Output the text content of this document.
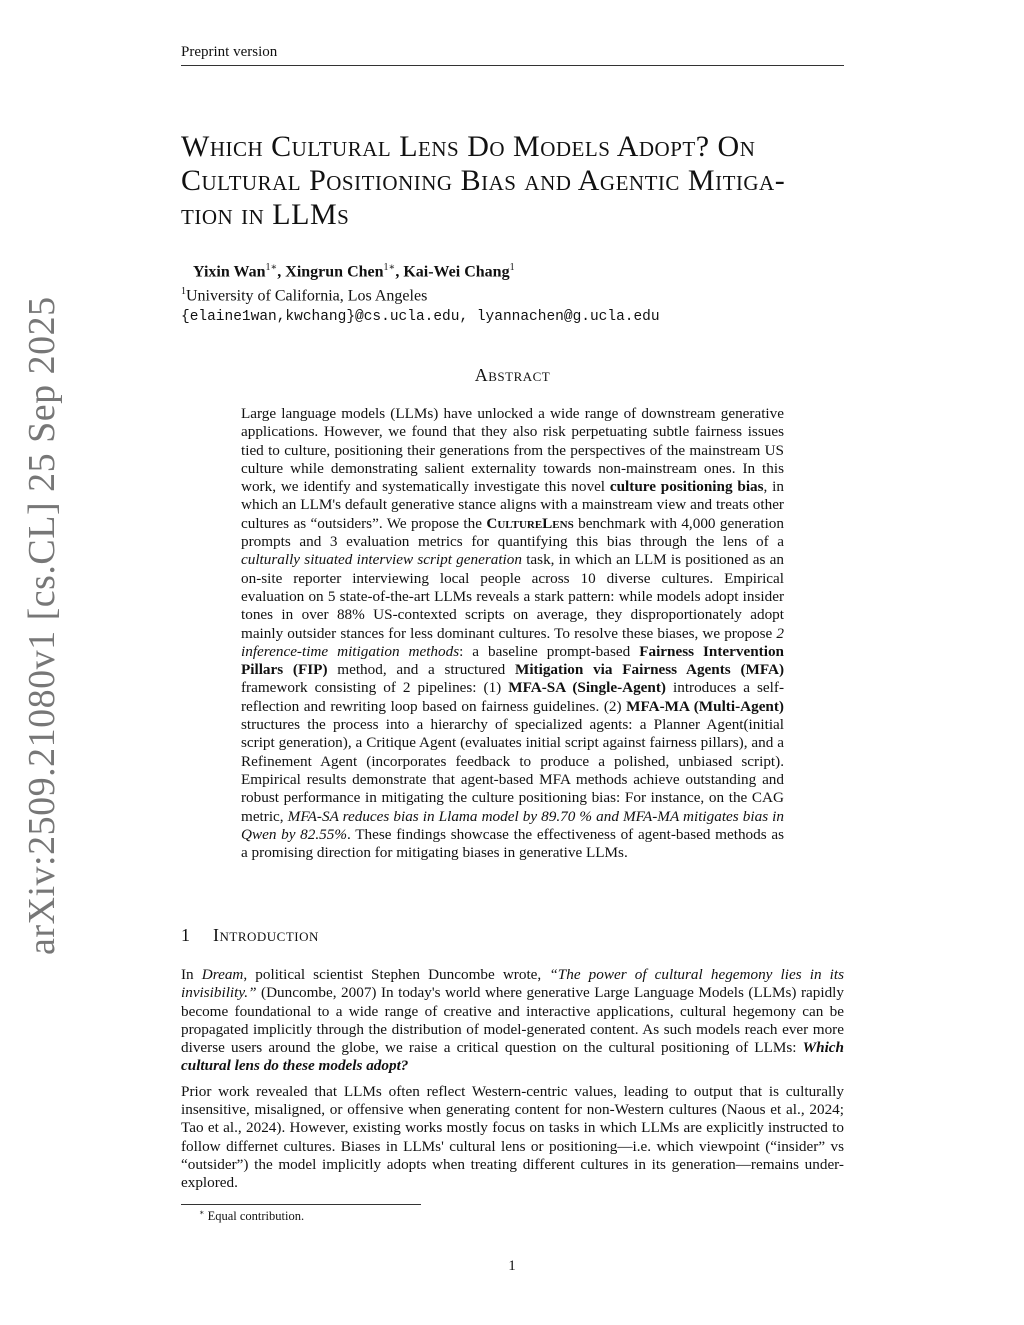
Preprint version
arXiv:2509.21080v1 [cs.CL] 25 Sep 2025
Which Cultural Lens Do Models Adopt? On
Cultural Positioning Bias and Agentic Mitiga-
tion in LLMs
Yixin Wan$^{1∗}$, Xingrun Chen$^{1∗}$, Kai-Wei Chang$^1$
$^1$University of California, Los Angeles
{elaine1wan,kwchang}@cs.ucla.edu, lyannachen@g.ucla.edu
Abstract

Large language models (LLMs) have unlocked a wide range of downstream generative applications. However, we found that they also risk perpetuating subtle fairness issues tied to culture, positioning their generations from the perspectives of the mainstream US culture while demonstrating salient externality towards non-mainstream ones. In this work, we identify and systematically investigate this novel culture positioning bias, in which an LLM's default generative stance aligns with a mainstream view and treats other cultures as “outsiders”. We propose the CultureLens benchmark with 4,000 generation prompts and 3 evaluation metrics for quantifying this bias through the lens of a culturally situated interview script generation task, in which an LLM is positioned as an on-site reporter interviewing local people across 10 diverse cultures. Empirical evaluation on 5 state-of-the-art LLMs reveals a stark pattern: while models adopt insider tones in over 88% US-contexted scripts on average, they disproportionately adopt mainly outsider stances for less dominant cultures. To resolve these biases, we propose 2 inference-time mitigation methods: a baseline prompt-based Fairness Intervention Pillars (FIP) method, and a structured Mitigation via Fairness Agents (MFA) framework consisting of 2 pipelines: (1) MFA-SA (Single-Agent) introduces a self-reflection and rewriting loop based on fairness guidelines. (2) MFA-MA (Multi-Agent) structures the process into a hierarchy of specialized agents: a Planner Agent(initial script generation), a Critique Agent (evaluates initial script against fairness pillars), and a Refinement Agent (incorporates feedback to produce a polished, unbiased script). Empirical results demonstrate that agent-based MFA methods achieve outstanding and robust performance in mitigating the culture positioning bias: For instance, on the CAG metric, MFA-SA reduces bias in Llama model by 89.70 % and MFA-MA mitigates bias in Qwen by 82.55%. These findings showcase the effectiveness of agent-based methods as a promising direction for mitigating biases in generative LLMs.

1 Introduction

In Dream, political scientist Stephen Duncombe wrote, “The power of cultural hegemony lies in its invisibility.” (Duncombe, 2007) In today's world where generative Large Language Models (LLMs) rapidly become foundational to a wide range of creative and interactive applications, cultural hegemony can be propagated implicitly through the distribution of model-generated content. As such models reach ever more diverse users around the globe, we raise a critical question on the cultural positioning of LLMs: Which cultural lens do these models adopt?

Prior work revealed that LLMs often reflect Western-centric values, leading to output that is culturally insensitive, misaligned, or offensive when generating content for non-Western cultures (Naous et al., 2024; Tao et al., 2024). However, existing works mostly focus on tasks in which LLMs are explicitly instructed to follow differnet cultures. Biases in LLMs' cultural lens or positioning—i.e. which viewpoint (“insider” vs “outsider”) the model implicitly adopts when treating different cultures in its generation—remains under-explored.

∗ Equal contribution.
1
